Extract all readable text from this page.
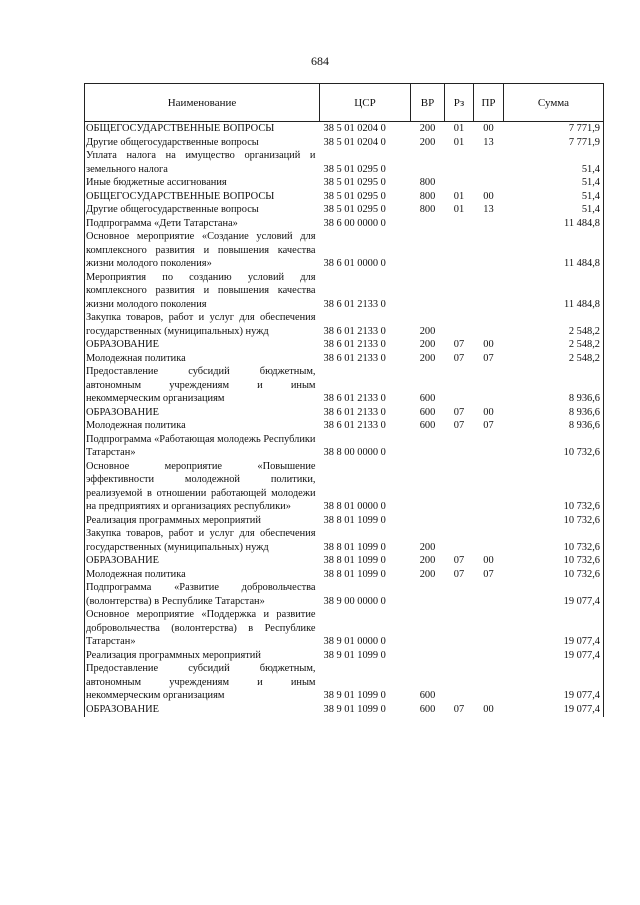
684
Наименование	ЦСР	ВР	Рз	ПР	Сумма
ОБЩЕГОСУДАРСТВЕННЫЕ ВОПРОСЫ	38 5 01 0204 0	200	01	00	7 771,9
Другие общегосударственные вопросы	38 5 01 0204 0	200	01	13	7 771,9
Уплата налога на имущество организаций и земельного налога	38 5 01 0295 0				51,4
Иные бюджетные ассигнования	38 5 01 0295 0	800			51,4
ОБЩЕГОСУДАРСТВЕННЫЕ ВОПРОСЫ	38 5 01 0295 0	800	01	00	51,4
Другие общегосударственные вопросы	38 5 01 0295 0	800	01	13	51,4
Подпрограмма «Дети Татарстана»	38 6 00 0000 0				11 484,8
Основное мероприятие «Создание условий для комплексного развития и повышения качества жизни молодого поколения»	38 6 01 0000 0				11 484,8
Мероприятия по созданию условий для комплексного развития и повышения качества жизни молодого поколения	38 6 01 2133 0				11 484,8
Закупка товаров, работ и услуг для обеспечения государственных (муниципальных) нужд	38 6 01 2133 0	200			2 548,2
ОБРАЗОВАНИЕ	38 6 01 2133 0	200	07	00	2 548,2
Молодежная политика	38 6 01 2133 0	200	07	07	2 548,2
Предоставление субсидий бюджетным, автономным учреждениям и иным некоммерческим организациям	38 6 01 2133 0	600			8 936,6
ОБРАЗОВАНИЕ	38 6 01 2133 0	600	07	00	8 936,6
Молодежная политика	38 6 01 2133 0	600	07	07	8 936,6
Подпрограмма «Работающая молодежь Республики Татарстан»	38 8 00 0000 0				10 732,6
Основное мероприятие «Повышение эффективности молодежной политики, реализуемой в отношении работающей молодежи на предприятиях и организациях республики»	38 8 01 0000 0				10 732,6
Реализация программных мероприятий	38 8 01 1099 0				10 732,6
Закупка товаров, работ и услуг для обеспечения государственных (муниципальных) нужд	38 8 01 1099 0	200			10 732,6
ОБРАЗОВАНИЕ	38 8 01 1099 0	200	07	00	10 732,6
Молодежная политика	38 8 01 1099 0	200	07	07	10 732,6
Подпрограмма «Развитие добровольчества (волонтерства) в Республике Татарстан»	38 9 00 0000 0				19 077,4
Основное мероприятие «Поддержка и развитие добровольчества (волонтерства) в Республике Татарстан»	38 9 01 0000 0				19 077,4
Реализация программных мероприятий	38 9 01 1099 0				19 077,4
Предоставление субсидий бюджетным, автономным учреждениям и иным некоммерческим организациям	38 9 01 1099 0	600			19 077,4
ОБРАЗОВАНИЕ	38 9 01 1099 0	600	07	00	19 077,4
